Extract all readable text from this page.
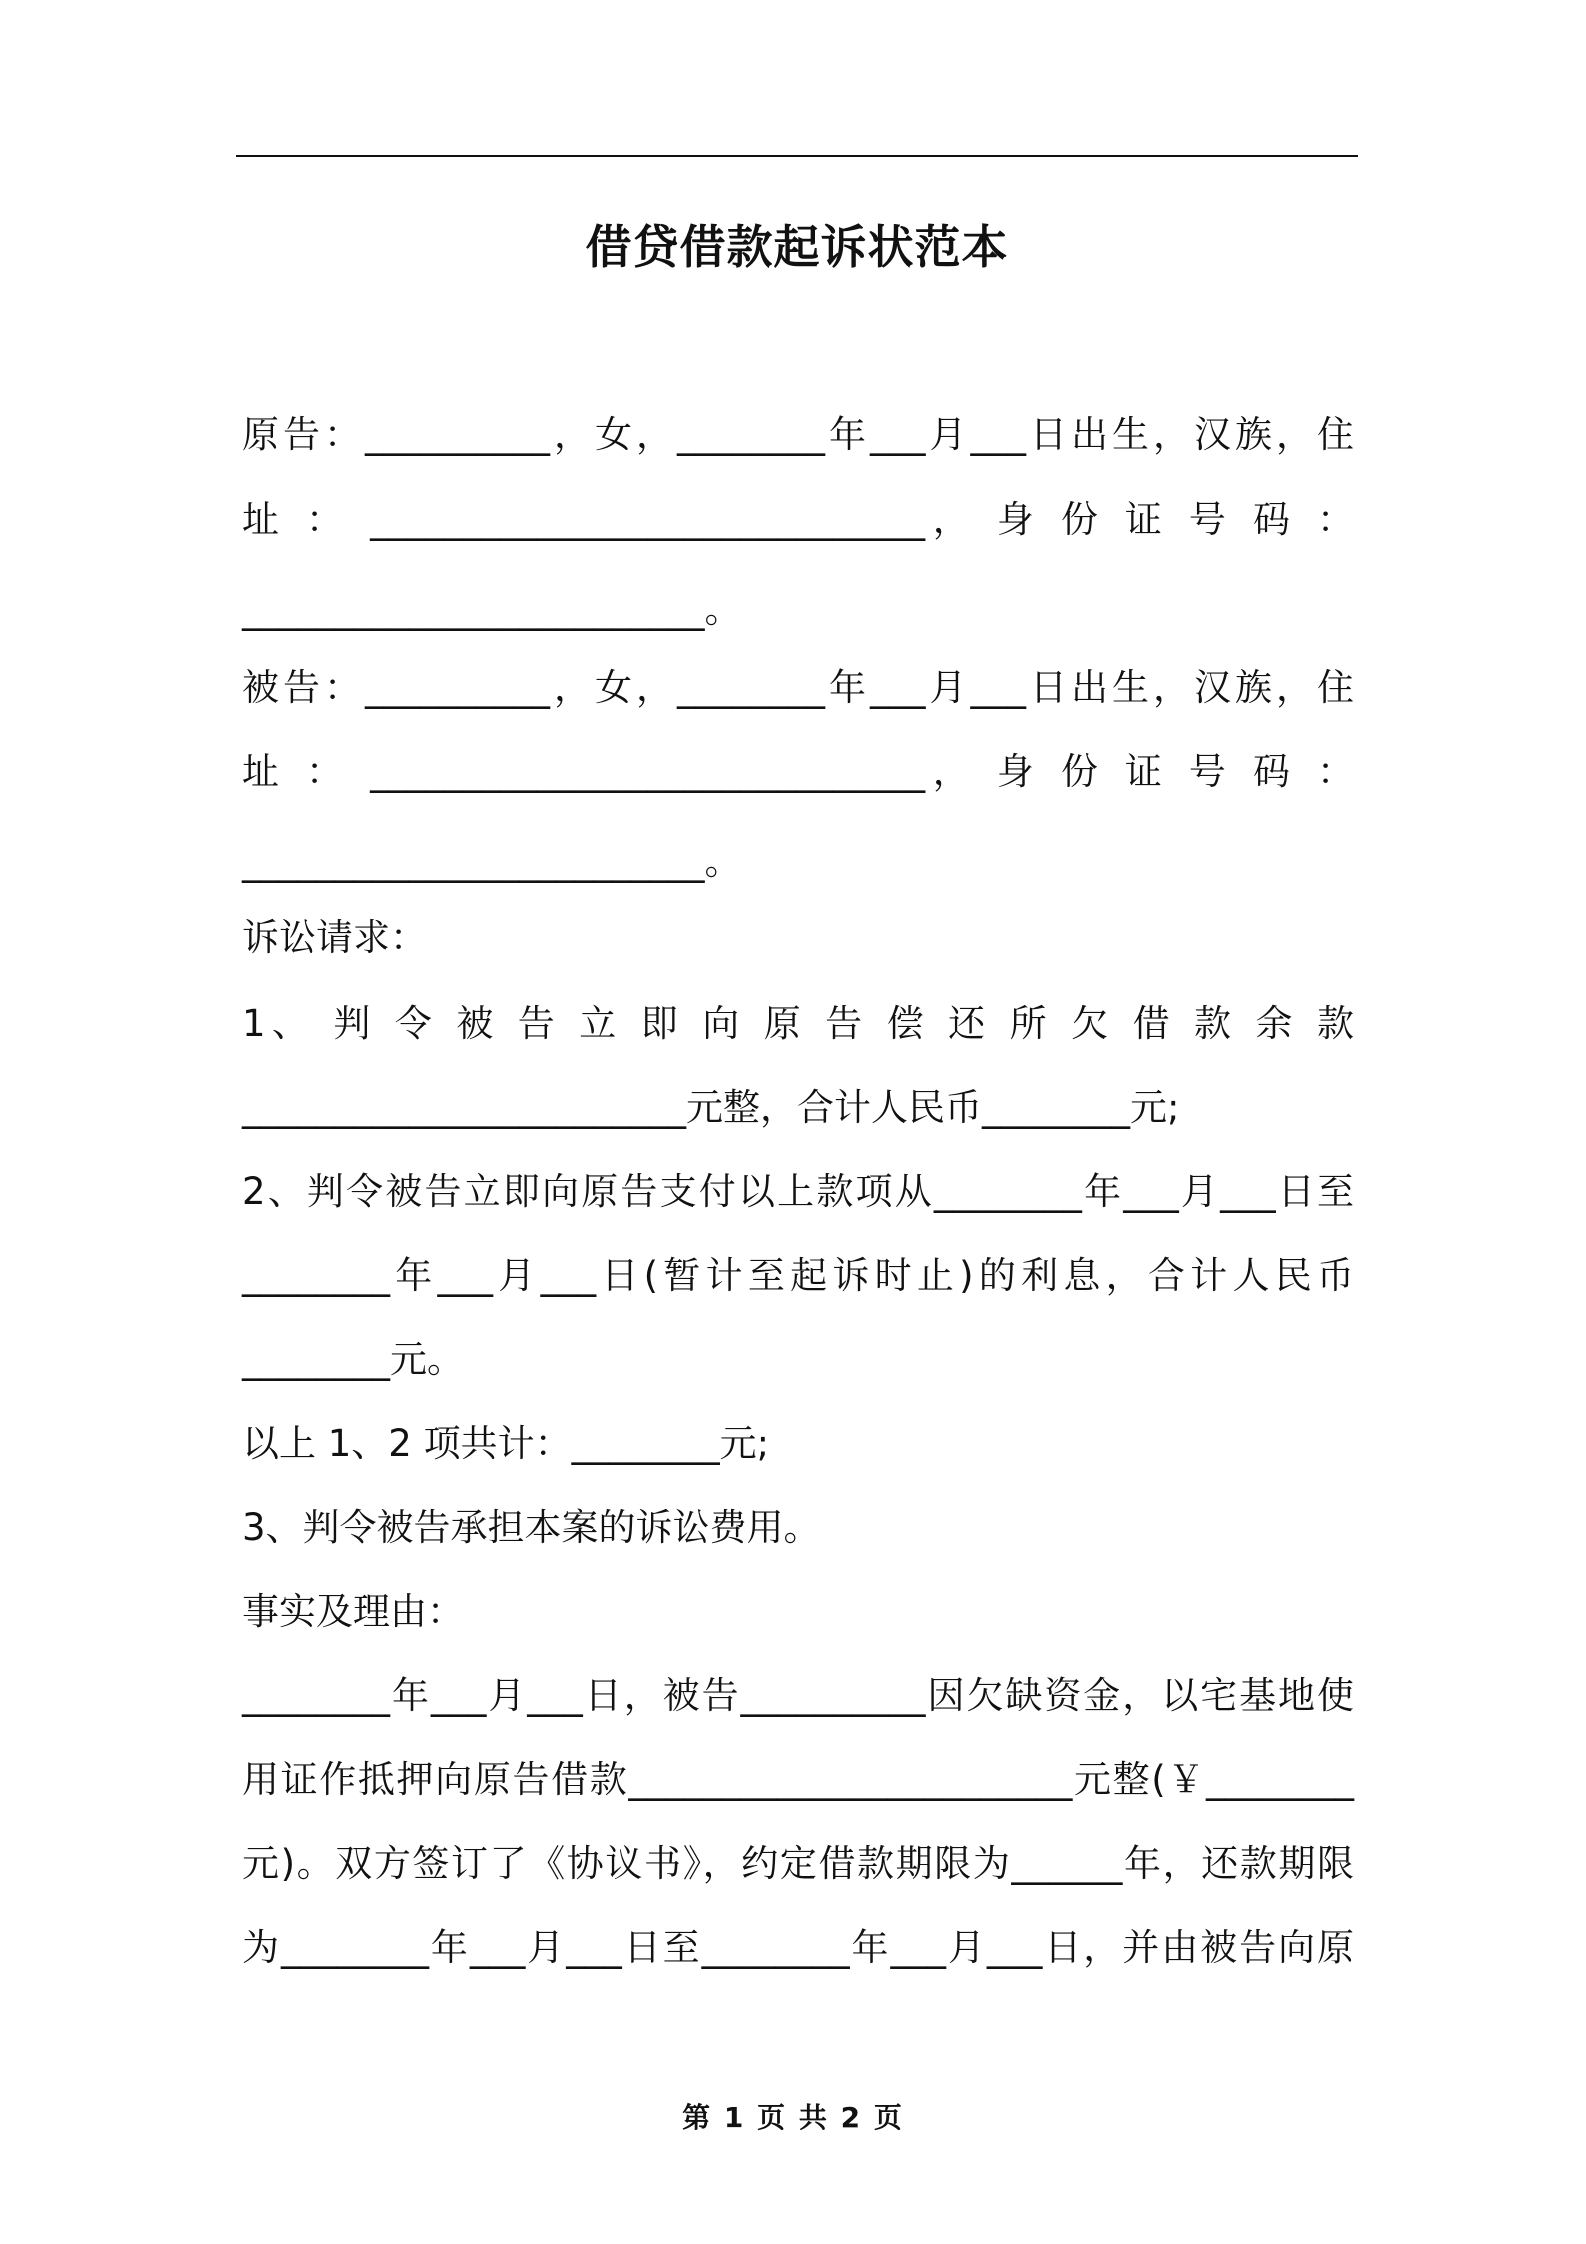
借贷借款起诉状范本
原告：__________，女，________年___月___日出生，汉族，住
址 ： ______________________________， 身 份 证 号 码 ：
_________________________。
被告：__________，女，________年___月___日出生，汉族，住
址 ： ______________________________， 身 份 证 号 码 ：
_________________________。
诉讼请求：
1、 判 令 被 告 立 即 向 原 告 偿 还 所 欠 借 款 余 款
________________________元整，合计人民币________元;
2、判令被告立即向原告支付以上款项从________年___月___日至
________年___月___日(暂计至起诉时止)的利息，合计人民币
________元。
以上 1、2 项共计：________元;
3、判令被告承担本案的诉讼费用。
事实及理由：
________年___月___日，被告__________因欠缺资金，以宅基地使
用证作抵押向原告借款________________________元整(￥________
元)。双方签订了《协议书》，约定借款期限为______年，还款期限
为________年___月___日至________年___月___日，并由被告向原
第 1 页 共 2 页
